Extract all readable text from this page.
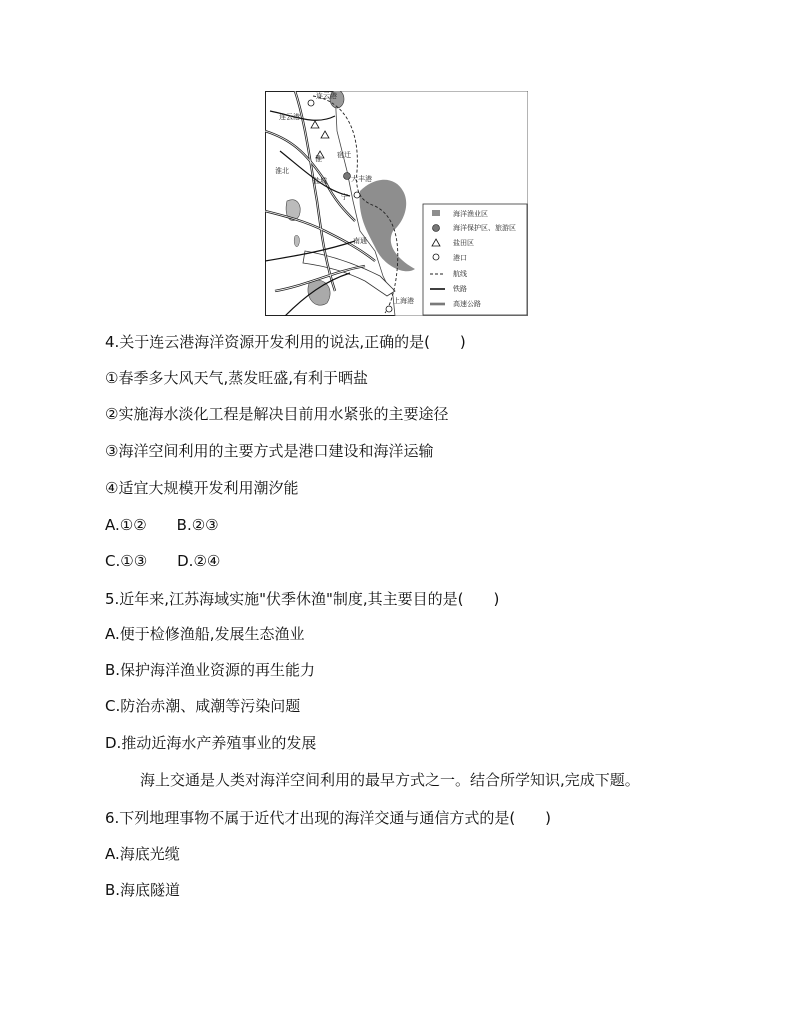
连云港
连云港
淮 宿迁
盐城	大丰港
淮北
宁
南通
上海港
海洋渔业区
海洋保护区、旅游区
盐田区
港口
航线
铁路
高速公路
4.关于连云港海洋资源开发利用的说法,正确的是(　　)
①春季多大风天气,蒸发旺盛,有利于晒盐
②实施海水淡化工程是解决目前用水紧张的主要途径
③海洋空间利用的主要方式是港口建设和海洋运输
④适宜大规模开发利用潮汐能
A.①②　　B.②③
C.①③　　D.②④
5.近年来,江苏海域实施"伏季休渔"制度,其主要目的是(　　)
A.便于检修渔船,发展生态渔业
B.保护海洋渔业资源的再生能力
C.防治赤潮、咸潮等污染问题
D.推动近海水产养殖事业的发展
海上交通是人类对海洋空间利用的最早方式之一。结合所学知识,完成下题。
6.下列地理事物不属于近代才出现的海洋交通与通信方式的是(　　)
A.海底光缆
B.海底隧道
